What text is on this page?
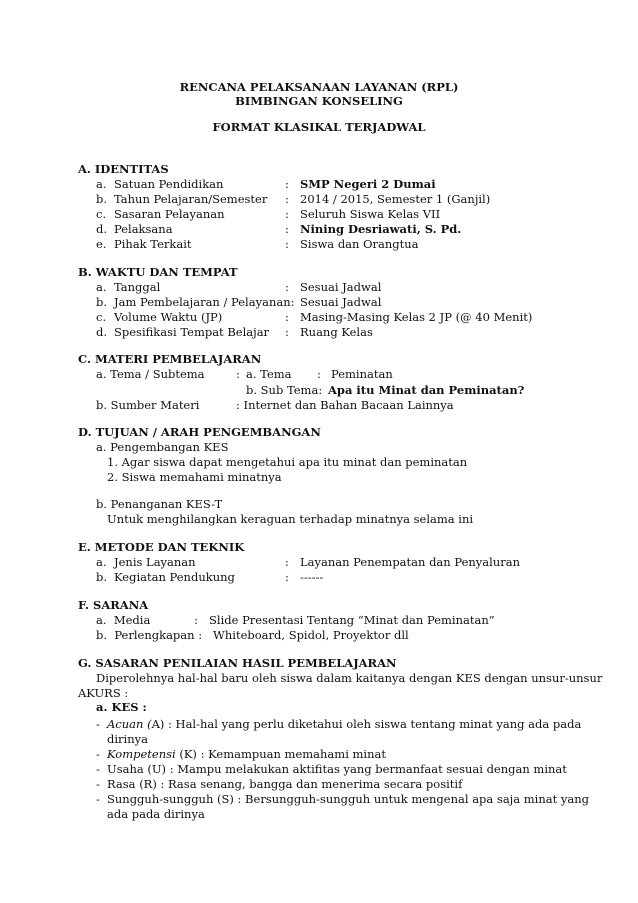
RENCANA PELAKSANAAN LAYANAN (RPL)
BIMBINGAN KONSELING
FORMAT KLASIKAL TERJADWAL
A. IDENTITAS
a. Satuan Pendidikan	: SMP Negeri 2 Dumai
b. Tahun Pelajaran/Semester : 2014 / 2015, Semester 1 (Ganjil)
c. Sasaran Pelayanan	: Seluruh Siswa Kelas VII
d. Pelaksana	: Nining Desriawati, S. Pd.
e. Pihak Terkait	: Siswa dan Orangtua
B. WAKTU DAN TEMPAT
a. Tanggal	: Sesuai Jadwal
b. Jam Pembelajaran / Pelayanan: Sesuai Jadwal
c. Volume Waktu (JP)	: Masing-Masing Kelas 2 JP (@ 40 Menit)
d. Spesifikasi Tempat Belajar : Ruang Kelas
C. MATERI PEMBELAJARAN
a. Tema / Subtema	: a. Tema : Peminatan
b. Sub Tema: Apa itu Minat dan Peminatan?
b. Sumber Materi	: Internet dan Bahan Bacaan Lainnya
D. TUJUAN / ARAH PENGEMBANGAN
a. Pengembangan KES
1. Agar siswa dapat mengetahui apa itu minat dan peminatan
2. Siswa memahami minatnya
b. Penanganan KES-T
Untuk menghilangkan keraguan terhadap minatnya selama ini
E. METODE DAN TEKNIK
a. Jenis Layanan	: Layanan Penempatan dan Penyaluran
b. Kegiatan Pendukung	: ------
F. SARANA
a.  Media            :   Slide Presentasi Tentang “Minat dan Peminatan”
b.  Perlengkapan :   Whiteboard, Spidol, Proyektor dll
G. SASARAN PENILAIAN HASIL PEMBELAJARAN
Diperolehnya hal-hal baru oleh siswa dalam kaitanya dengan KES dengan unsur-unsur
AKURS :
a. KES :
- Acuan (A) : Hal-hal yang perlu diketahui oleh siswa tentang minat yang ada pada
dirinya
- Kompetensi (K) : Kemampuan memahami minat
- Usaha (U) : Mampu melakukan aktifitas yang bermanfaat sesuai dengan minat
- Rasa (R) : Rasa senang, bangga dan menerima secara positif
- Sungguh-sungguh (S) : Bersungguh-sungguh untuk mengenal apa saja minat yang
ada pada dirinya
